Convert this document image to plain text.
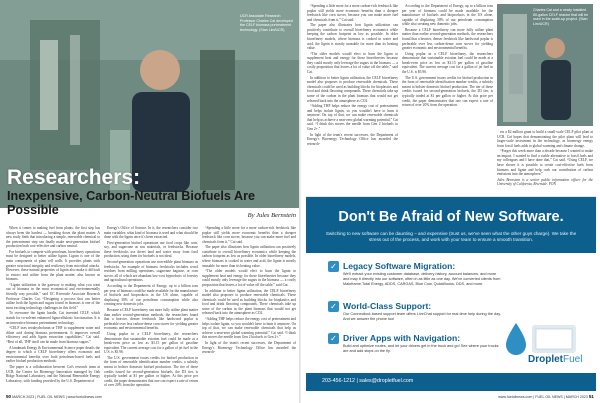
UCR Associate Research Professor Charles Cai developed the CELF biomass pretreatment technology. (Stan Lim/UCR)
Researchers:
Inexpensive, Carbon-Neutral Biofuels Are Possible	By Jules Bernstein

When it comes to making fuel from plants, the first step has always been the hardest — breaking down the plant matter. A new study finds that introducing a simple, renewable chemical to the pretreatment step can finally make next-generation biofuel production both cost-effective and carbon neutral.

For biofuels to compete with petroleum, biorefinery operations must be designed to better utilize lignin. Lignin is one of the main components of plant cell walls. It provides plants with greater structural integrity and resiliency from microbial attacks. However, these natural properties of lignin also make it difficult to extract and utilize from the plant matter, also known as biomass.

“Lignin utilization is the gateway to making what you want out of biomass in the most economical and environmentally friendly way possible,” said UC Riverside Associate Research Professor Charles Cai. “Designing a process that can better utilize both the lignin and sugars found in biomass is one of the most exciting technology challenges in this field.”

To overcome the lignin hurdle, Cai invented CELF, which stands for co-solvent enhanced lignocellulosic fractionation. It is an innovative biomass pretreatment technology.

“CELF uses tetrahydrofuran or THF to supplement water and dilute acid during biomass pretreatment. It improves overall efficiency and adds lignin extraction capabilities,” Cai said. “Best of all, THF itself can be made from biomass sugars.”

A landmark Energy & Environmental Science paper details the degree to which a CELF biorefinery offers economic and environmental benefits over both petroleum-based fuels and earlier biofuel production methods.

The paper is a collaboration between Cai's research team at UCR, the Center for Bioenergy Innovation managed by Oak Ridge National Laboratory, and the National Renewable Energy Laboratory, with funding provided by the U.S. Department of

Energy's Office of Science. In it, the researchers consider two main variables: what kind of biomass is used and what should be done with the lignin once it's been extracted.

First-generation biofuel operations use food crops like corn, soy, and sugarcane as raw materials, or feedstocks. Because these feedstocks use divert land and water away from food production, using them for biofuels is not ideal.

Second-generation operations use non-edible plant biomass as feedstocks. An example of biomass feedstocks includes wood residues from milling operations, sugarcane bagasse, or corn stover, all of which are abundant low-cost byproducts of forestry and agricultural operations.

According to the Department of Energy, up to a billion tons per year of biomass could be made available for the manufacture of biofuels and bioproducts in the US alone, capable of displacing 30% of our petroleum consumption while also creating new domestic jobs.

Because a CELF biorefinery can more fully utilize plant matter than earlier second-generation methods, the researchers found that a heavier, denser feedstock like hardwood poplar is preferable over less carbon-dense corn stover for yielding greater economic and environmental benefits.

Using poplar in a CELF biorefinery, the researchers demonstrate that sustainable aviation fuel could be made at a break-even price as low as $3.15 per gallon of gasoline equivalent. The current average cost for a gallon of jet fuel in the U.S. is $5.96.

The U.S. government issues credits for biofuel production in the form of renewable identification number credits, a subsidy meant to bolster domestic biofuel production. The tier of these credits issued for second-generation biofuels, the D3 tier, is typically traded at $1 per gallon or higher. At this price per credit, the paper demonstrates that one can expect a rate of return of over 20% from the operation.

“Spending a little more for a more carbon-rich feedstock like poplar still yields more economic benefits than a cheaper feedstock like corn stover, because you can make more fuel and chemicals from it,” Cai said.

The paper also illustrates how lignin utilization can positively contribute to overall biorefinery economics while keeping the carbon footprint as low as possible. In older biorefinery models, where biomass is cooked in water and acid, the lignin is mostly unusable for more than its heating value.

“The older models would elect to burn the lignin to supplement heat and energy for these biorefineries because they could mostly only leverage the sugars in the biomass — a costly proposition that leaves a lot of value off the table,” said Cai.

In addition to better lignin utilization, the CELF biorefinery model also proposes to produce renewable chemicals. These chemicals could be used as building blocks for bioplastics and food and drink flavoring compounds. These chemicals take up some of the carbon in the plant biomass that would not get released back into the atmosphere as CO2.

“Adding THF helps reduce the energy cost of pretreatment and helps isolate lignin, so you wouldn't have to burn it anymore. On top of that, we can make renewable chemicals that help us achieve a near-zero global warming potential,” Cai said. “I think this moves the needle from Gen 2 biofuels to Gen 2+.”

In light of the team's recent successes, the Department of Energy's Bioenergy Technology Office has awarded the research-

50 MARCH 2023 | FUEL OIL NEWS | www.fueloilnews.com

“Spending a little more for a more carbon-rich feedstock like poplar still yields more economic benefits than a cheaper feedstock like corn stover, because you can make more fuel and chemicals from it,” Cai said.

The paper also illustrates how lignin utilization can positively contribute to overall biorefinery economics while keeping the carbon footprint as low as possible. In older biorefinery models, where biomass is cooked in water and acid, the lignin is mostly unusable for more than its heating value.

“The older models would elect to burn the lignin to supplement heat and energy for these biorefineries because they could mostly only leverage the sugars in the biomass — a costly proposition that leaves a lot of value off the table,” said Cai.

In addition to better lignin utilization, the CELF biorefinery model also proposes to produce renewable chemicals. These chemicals could be used as building blocks for bioplastics and food and drink flavoring compounds. These chemicals take up some of the carbon in the plant biomass that would not get released back into the atmosphere as CO2.

“Adding THF helps reduce the energy cost of pretreatment and helps isolate lignin, so you wouldn't have to burn it anymore. On top of that, we can make renewable chemicals that help us achieve a near-zero global warming potential,” Cai said. “I think this moves the needle from Gen 2 biofuels to Gen 2+.”

In light of the team's recent successes, the Department of Energy's Bioenergy Technology Office has awarded the research-

According to the Department of Energy, up to a billion tons per year of biomass could be made available for the manufacture of biofuels and bioproducts in the US alone, capable of displacing 30% of our petroleum consumption while also creating new domestic jobs.

Because a CELF biorefinery can more fully utilize plant matter than earlier second-generation methods, the researchers found that a heavier, denser feedstock like hardwood poplar is preferable over less carbon-dense corn stover for yielding greater economic and environmental benefits.

Using poplar in a CELF biorefinery, the researchers demonstrate that sustainable aviation fuel could be made at a break-even price as low as $3.15 per gallon of gasoline equivalent. The current average cost for a gallon of jet fuel in the U.S. is $5.96.

The U.S. government issues credits for biofuel production in the form of renewable identification number credits, a subsidy meant to bolster domestic biofuel production. The tier of these credits issued for second-generation biofuels, the D3 tier, is typically traded at $1 per gallon or higher. At this price per credit, the paper demonstrates that one can expect a rate of return of over 20% from the operation.

Charles Cai and a newly installed 80-gallon CELF reactor that will be used in the scale-up project. (Stan Lim/UCR)

ers a $2 million grant to build a small-scale CELF pilot plant at UCR. Cai hopes that demonstrating the pilot plant will lead to larger-scale investment in the technology, as bioenergy energy from fossil fuels adds to global warming and climate change.

“Forget this week more than a decade because I wanted to make an impact. I wanted to find a viable alternative to fossil fuels and my colleagues and I have done that,” Cai said. “Using CELF, we have shown it is possible to create cost-effective fuels from biomass and lignin and help curb our contribution of carbon emissions into the atmosphere.”

Jules Bernstein is a senior public information officer for the University of California, Riverside. FON

Don't Be Afraid of New Software.
Switching to new software can be daunting – and expensive (trust us, we've seen what the other guys charge). We take the stress out of the process, and work with your team to ensure a smooth transition.
✓ Legacy Software Migration:
We'll extract your existing customer database, delivery history, account balances, and more and map it directly into our software, often in as little as one day. We've converted clients from Mainframe,Total Energy, ADDS, CARGAS, Blue Cow, QuickBooks, DDS, and more.
✓ World-Class Support:
Our Connecticut-based support team offers LiveChat support for real-time help during the day. And we answer the phone too!
✓ Driver Apps with Navigation:
Build and optimize routes, and let your drivers get in the truck and go! See where your trucks are and add stops on the fly.
DropletFuel
203-456-1212 | sales@dropletfuel.com
www.fueloilnews.com | FUEL OIL NEWS | MARCH 2023 51
